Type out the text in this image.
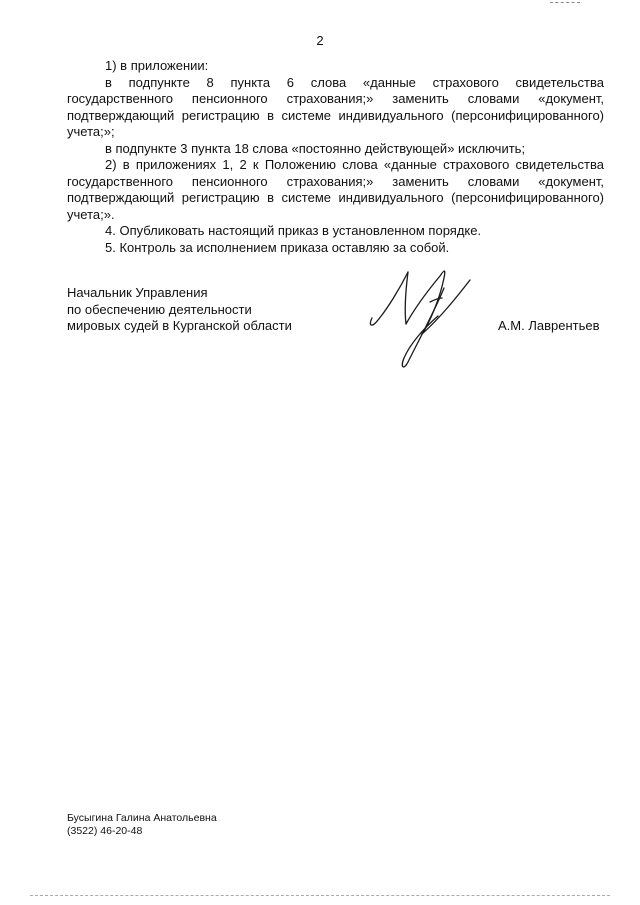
2

1) в приложении:

в подпункте 8 пункта 6 слова «данные страхового свидетельства государственного пенсионного страхования;» заменить словами «документ, подтверждающий регистрацию в системе индивидуального (персонифицированного) учета;»;

в подпункте 3 пункта 18 слова «постоянно действующей» исключить;

2) в приложениях 1, 2 к Положению слова «данные страхового свидетельства государственного пенсионного страхования;» заменить словами «документ, подтверждающий регистрацию в системе индивидуального (персонифицированного) учета;».

4. Опубликовать настоящий приказ в установленном порядке.

5. Контроль за исполнением приказа оставляю за собой.

Начальник Управления
по обеспечению деятельности
мировых судей в Курганской области	А.М. Лаврентьев
Бусыгина Галина Анатольевна
(3522) 46-20-48
